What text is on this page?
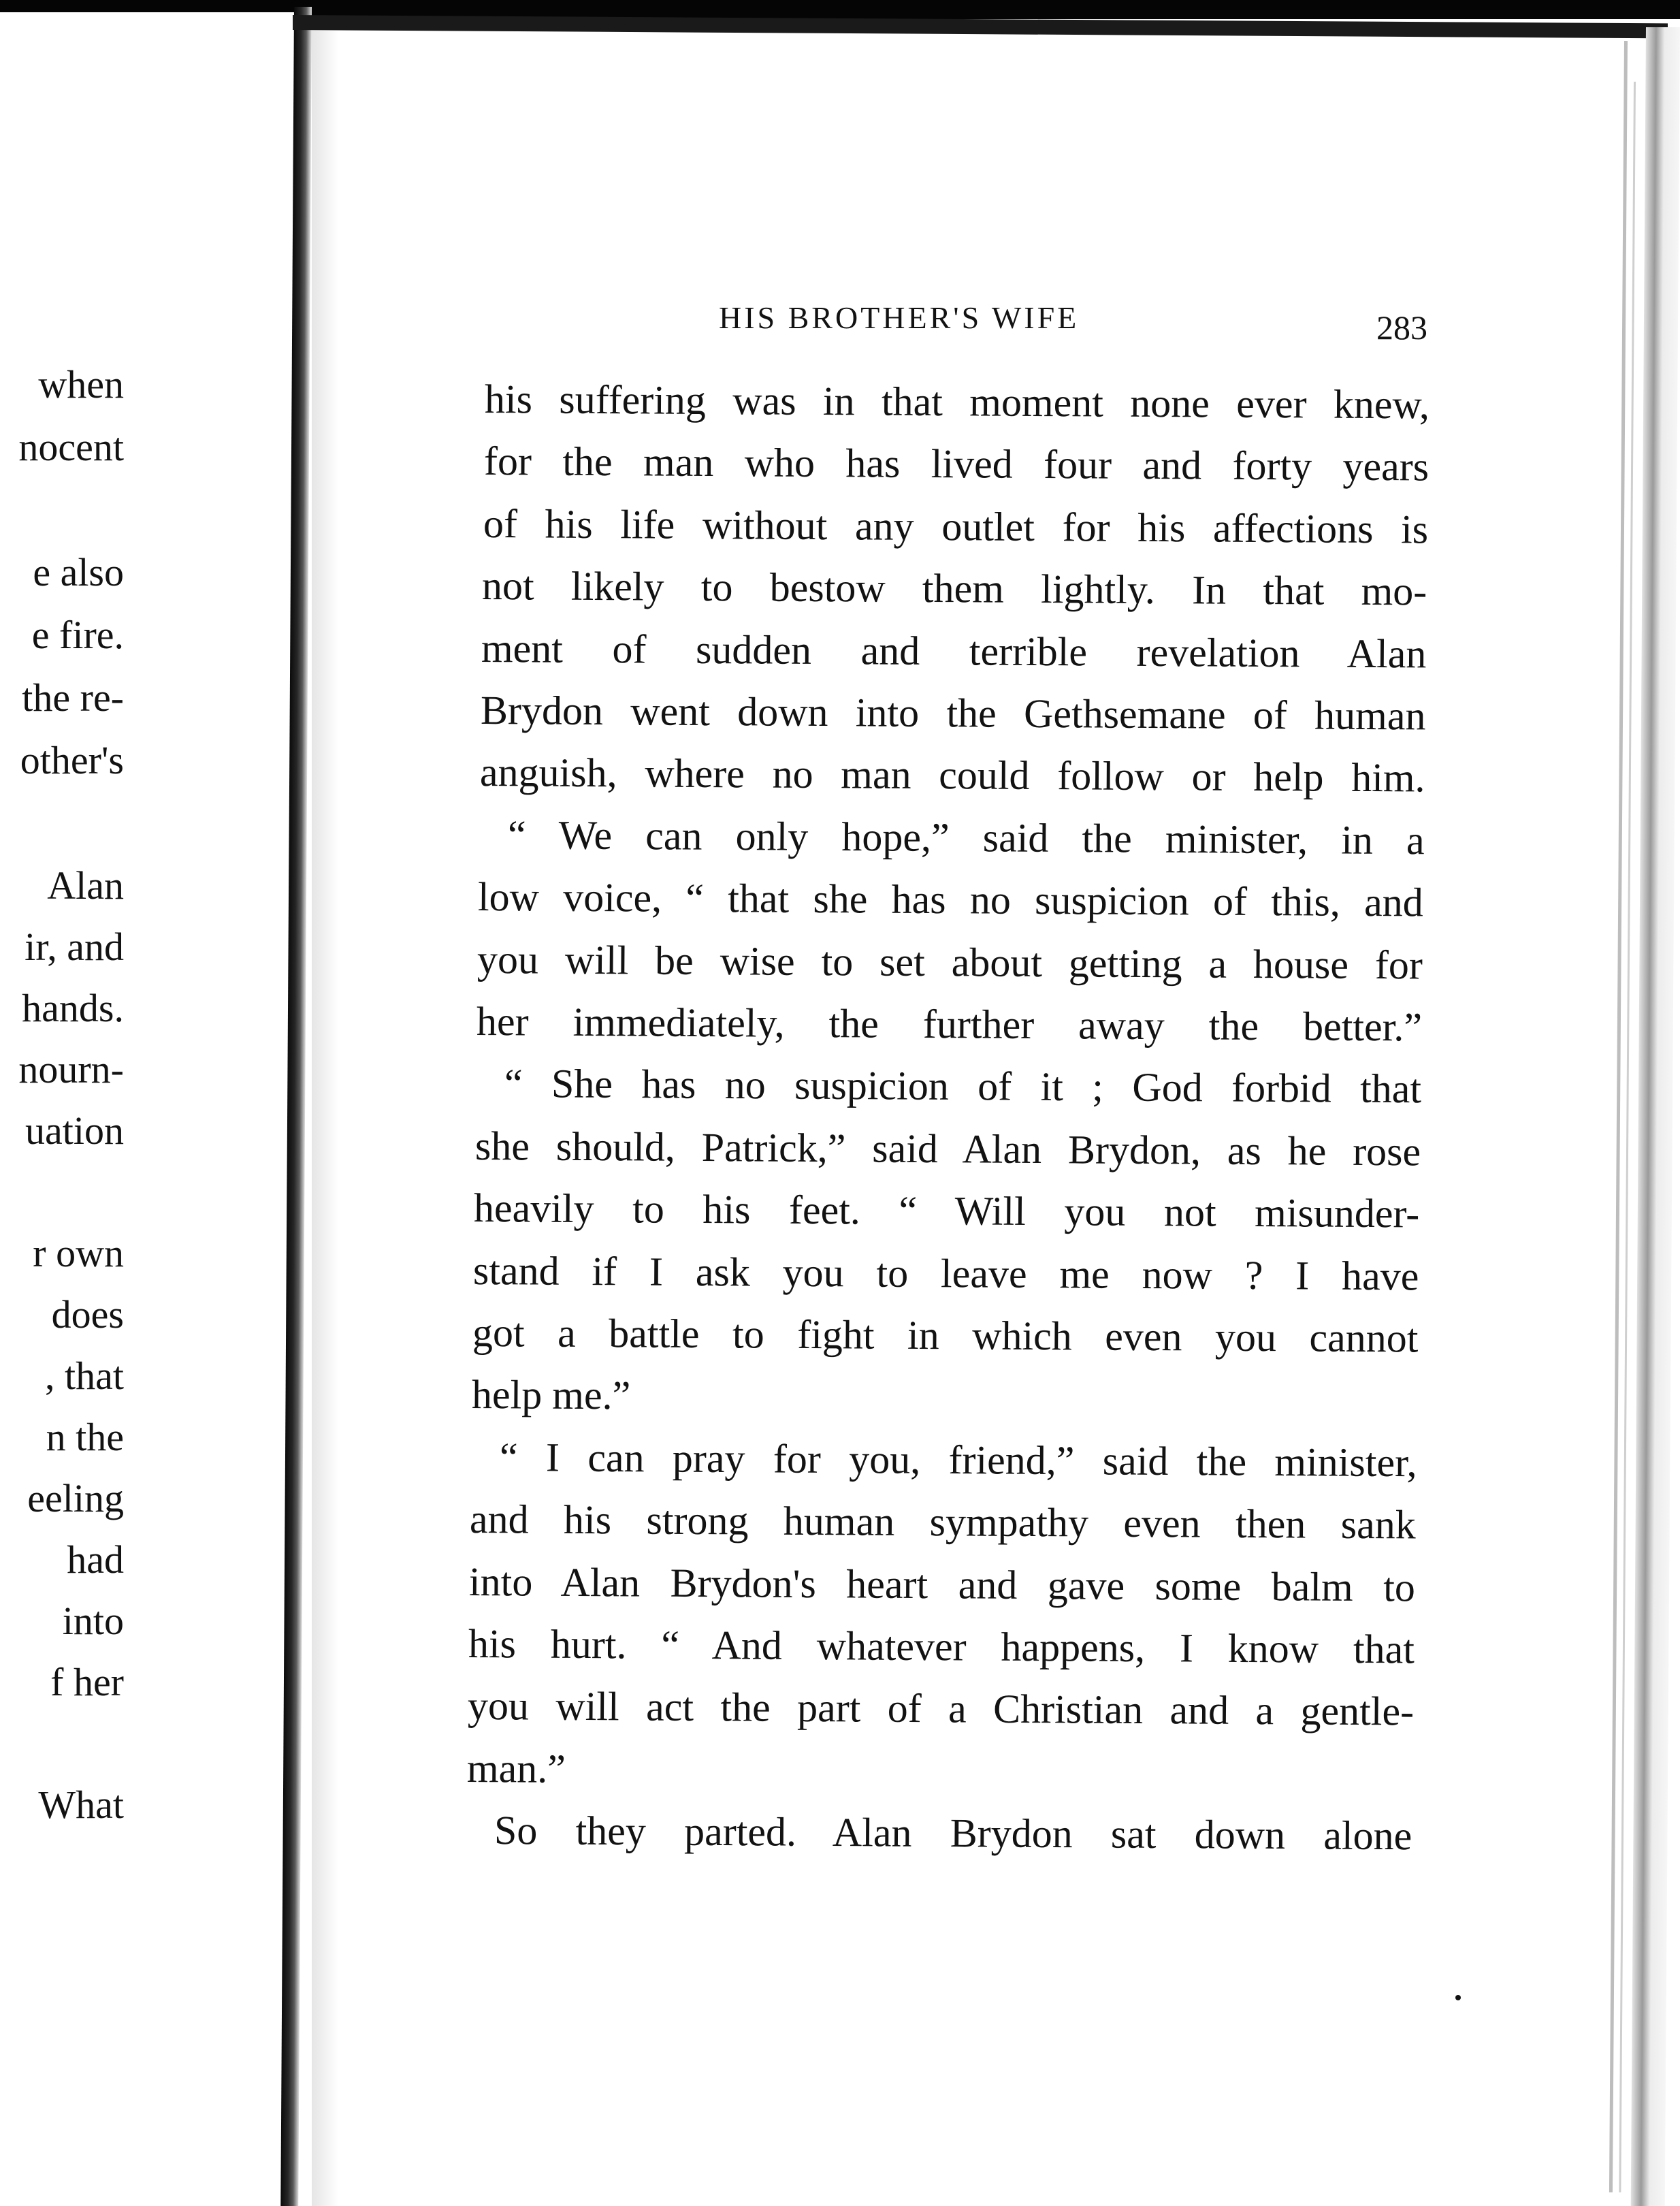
when
nocent
e also
e fire.
the re-
other's
Alan
ir, and
hands.
nourn-
uation
r own
does
, that
n the
eeling
had
into
f her
What
HIS BROTHER'S WIFE	283
his suffering was in that moment none ever knew,
for the man who has lived four and forty years
of his life without any outlet for his affections is
not likely to bestow them lightly. In that mo-
ment of sudden and terrible revelation Alan
Brydon went down into the Gethsemane of human
anguish, where no man could follow or help him.
“ We can only hope,” said the minister, in a
low voice, “ that she has no suspicion of this, and
you will be wise to set about getting a house for
her immediately, the further away the better.”
“ She has no suspicion of it ; God forbid that
she should, Patrick,” said Alan Brydon, as he rose
heavily to his feet. “ Will you not misunder-
stand if I ask you to leave me now ? I have
got a battle to fight in which even you cannot
help me.”
“ I can pray for you, friend,” said the minister,
and his strong human sympathy even then sank
into Alan Brydon's heart and gave some balm to
his hurt. “ And whatever happens, I know that
you will act the part of a Christian and a gentle-
man.”
So they parted. Alan Brydon sat down alone
